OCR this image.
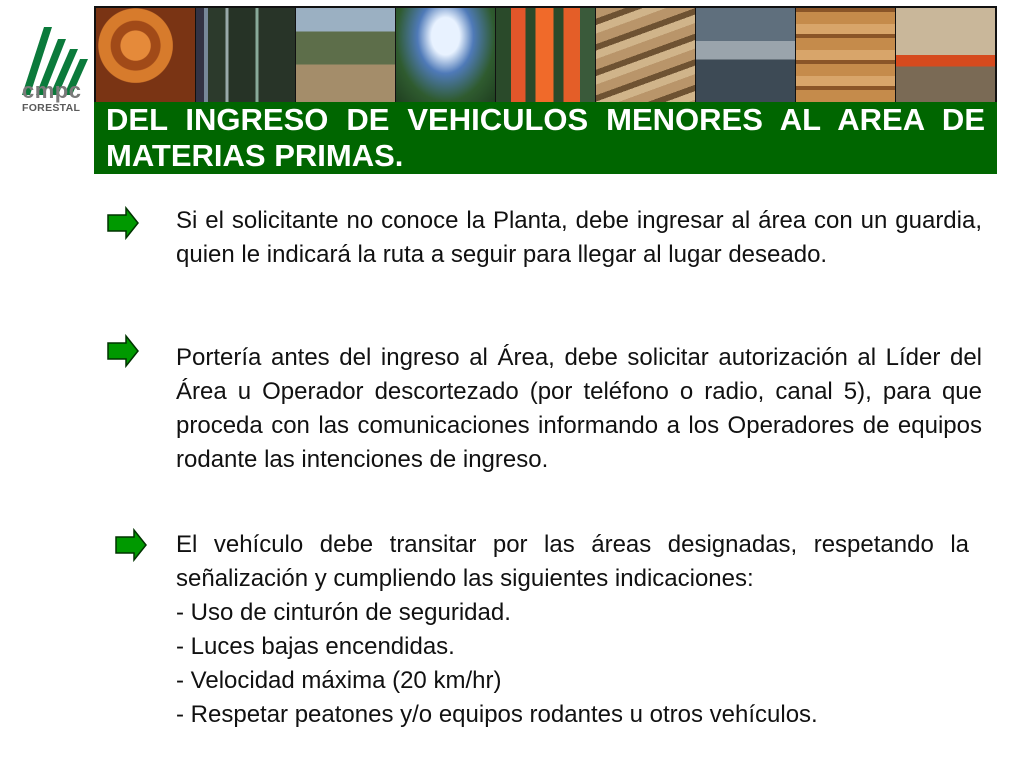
cmpc
FORESTAL DEL INGRESO DE VEHICULOS MENORES AL AREA DE MATERIAS PRIMAS.

Si el solicitante no conoce la Planta, debe ingresar al área con un guardia, quien le indicará la ruta a seguir para llegar al lugar deseado.

Portería antes del ingreso al Área, debe solicitar autorización al Líder del Área u Operador descortezado (por teléfono o radio, canal 5), para que proceda con las comunicaciones informando a los Operadores de equipos rodante las intenciones de ingreso.

El vehículo debe transitar por las áreas designadas, respetando la señalización y cumpliendo las siguientes indicaciones:
- Uso de cinturón de seguridad.
- Luces bajas encendidas.
- Velocidad máxima (20 km/hr)
- Respetar peatones y/o equipos rodantes u otros vehículos.
